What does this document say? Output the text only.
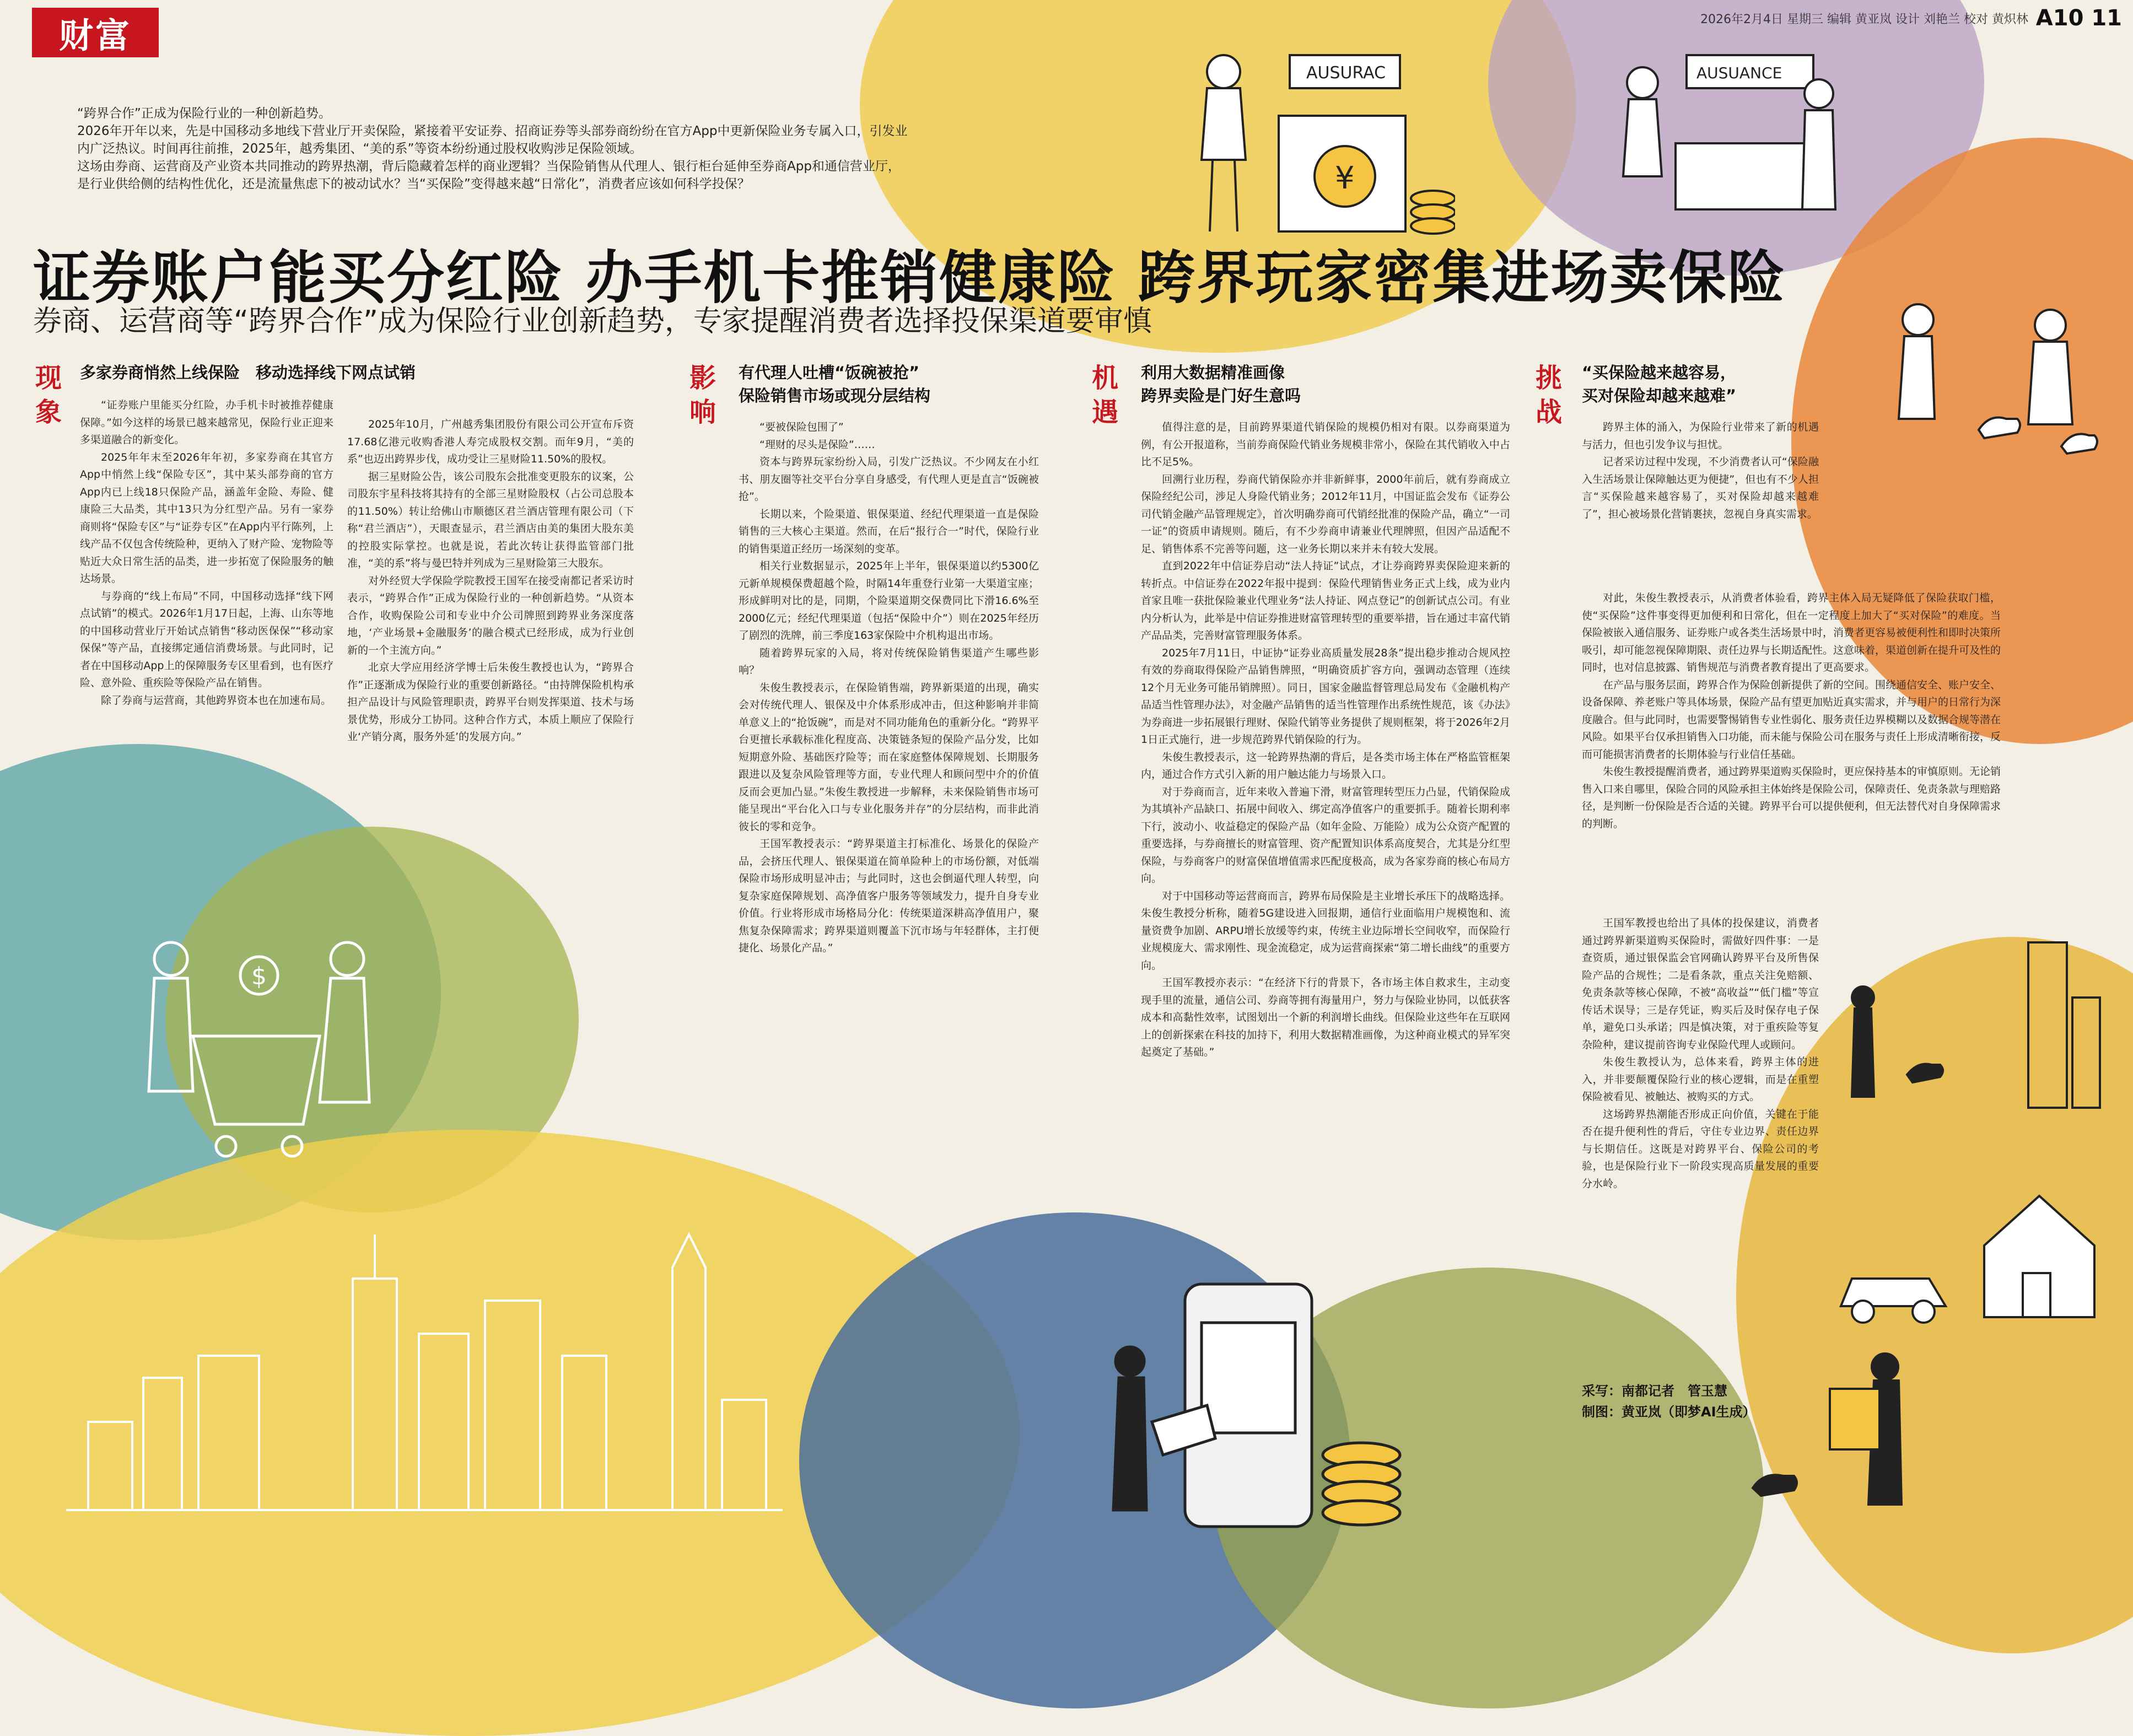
财富	2026年2月4日 星期三 编辑 黄亚岚 设计 刘艳兰 校对 黄炽林 A10 11

“跨界合作”正成为保险行业的一种创新趋势。

2026年开年以来，先是中国移动多地线下营业厅开卖保险，紧接着平安证券、招商证券等头部券商纷纷在官方App中更新保险业务专属入口，引发业内广泛热议。时间再往前推，2025年，越秀集团、“美的系”等资本纷纷通过股权收购涉足保险领域。

这场由券商、运营商及产业资本共同推动的跨界热潮，背后隐藏着怎样的商业逻辑？当保险销售从代理人、银行柜台延伸至券商App和通信营业厅，是行业供给侧的结构性优化，还是流量焦虑下的被动试水？当“买保险”变得越来越“日常化”，消费者应该如何科学投保？

证券账户能买分红险 办手机卡推销健康险 跨界玩家密集进场卖保险
券商、运营商等“跨界合作”成为保险行业创新趋势，专家提醒消费者选择投保渠道要审慎
现
象
多家券商悄然上线保险　移动选择线下网点试销

“证券账户里能买分红险，办手机卡时被推荐健康保障。”如今这样的场景已越来越常见，保险行业正迎来多渠道融合的新变化。

2025年年末至2026年年初，多家券商在其官方App中悄然上线“保险专区”，其中某头部券商的官方App内已上线18只保险产品，涵盖年金险、寿险、健康险三大品类，其中13只为分红型产品。另有一家券商则将“保险专区”与“证券专区”在App内平行陈列，上线产品不仅包含传统险种，更纳入了财产险、宠物险等贴近大众日常生活的品类，进一步拓宽了保险服务的触达场景。

与券商的“线上布局”不同，中国移动选择“线下网点试销”的模式。2026年1月17日起，上海、山东等地的中国移动营业厅开始试点销售“移动医保保”“移动家保保”等产品，直接绑定通信消费场景。与此同时，记者在中国移动App上的保障服务专区里看到，也有医疗险、意外险、重疾险等保险产品在销售。

除了券商与运营商，其他跨界资本也在加速布局。

2025年10月，广州越秀集团股份有限公司公开宣布斥资17.68亿港元收购香港人寿完成股权交割。而年9月，“美的系”也迈出跨界步伐，成功受让三星财险11.50%的股权。

据三星财险公告，该公司股东会批准变更股东的议案，公司股东宇星科技将其持有的全部三星财险股权（占公司总股本的11.50%）转让给佛山市顺德区君兰酒店管理有限公司（下称“君兰酒店”），天眼查显示，君兰酒店由美的集团大股东美的控股实际掌控。也就是说，若此次转让获得监管部门批准，“美的系”将与曼巴特并列成为三星财险第三大股东。

对外经贸大学保险学院教授王国军在接受南都记者采访时表示，“跨界合作”正成为保险行业的一种创新趋势。“从资本合作，收购保险公司和专业中介公司牌照到跨界业务深度落地，‘产业场景+金融服务’的融合模式已经形成，成为行业创新的一个主流方向。”

北京大学应用经济学博士后朱俊生教授也认为，“跨界合作”正逐渐成为保险行业的重要创新路径。“由持牌保险机构承担产品设计与风险管理职责，跨界平台则发挥渠道、技术与场景优势，形成分工协同。这种合作方式，本质上顺应了保险行业‘产销分离，服务外延’的发展方向。”

影
响
有代理人吐槽“饭碗被抢”
保险销售市场或现分层结构

“要被保险包围了”

“理财的尽头是保险”……

资本与跨界玩家纷纷入局，引发广泛热议。不少网友在小红书、朋友圈等社交平台分享自身感受，有代理人更是直言“饭碗被抢”。

长期以来，个险渠道、银保渠道、经纪代理渠道一直是保险销售的三大核心主渠道。然而，在后“报行合一”时代，保险行业的销售渠道正经历一场深刻的变革。

相关行业数据显示，2025年上半年，银保渠道以约5300亿元新单规模保费超越个险，时隔14年重登行业第一大渠道宝座；形成鲜明对比的是，同期，个险渠道期交保费同比下滑16.6%至2000亿元；经纪代理渠道（包括“保险中介”）则在2025年经历了剧烈的洗牌，前三季度163家保险中介机构退出市场。

随着跨界玩家的入局，将对传统保险销售渠道产生哪些影响？

朱俊生教授表示，在保险销售端，跨界新渠道的出现，确实会对传统代理人、银保及中介体系形成冲击，但这种影响并非简单意义上的“抢饭碗”，而是对不同功能角色的重新分化。“跨界平台更擅长承载标准化程度高、决策链条短的保险产品分发，比如短期意外险、基础医疗险等；而在家庭整体保障规划、长期服务跟进以及复杂风险管理等方面，专业代理人和顾问型中介的价值反而会更加凸显。”朱俊生教授进一步解释，未来保险销售市场可能呈现出“平台化入口与专业化服务并存”的分层结构，而非此消彼长的零和竞争。

王国军教授表示：“跨界渠道主打标准化、场景化的保险产品，会挤压代理人、银保渠道在简单险种上的市场份额，对低端保险市场形成明显冲击；与此同时，这也会倒逼代理人转型，向复杂家庭保障规划、高净值客户服务等领域发力，提升自身专业价值。行业将形成市场格局分化：传统渠道深耕高净值用户，聚焦复杂保障需求；跨界渠道则覆盖下沉市场与年轻群体，主打便捷化、场景化产品。”

机
遇
利用大数据精准画像
跨界卖险是门好生意吗

值得注意的是，目前跨界渠道代销保险的规模仍相对有限。以券商渠道为例，有公开报道称，当前券商保险代销业务规模非常小，保险在其代销收入中占比不足5%。

回溯行业历程，券商代销保险亦并非新鲜事，2000年前后，就有券商成立保险经纪公司，涉足人身险代销业务；2012年11月，中国证监会发布《证券公司代销金融产品管理规定》，首次明确券商可代销经批准的保险产品，确立“一司一证”的资质申请规则。随后，有不少券商申请兼业代理牌照，但因产品适配不足、销售体系不完善等问题，这一业务长期以来并未有较大发展。

直到2022年中信证券启动“法人持证”试点，才让券商跨界卖保险迎来新的转折点。中信证券在2022年报中提到：保险代理销售业务正式上线，成为业内首家且唯一获批保险兼业代理业务“法人持证、网点登记”的创新试点公司。有业内分析认为，此举是中信证券推进财富管理转型的重要举措，旨在通过丰富代销产品品类，完善财富管理服务体系。

2025年7月11日，中证协“证券业高质量发展28条”提出稳步推动合规风控有效的券商取得保险产品销售牌照，“明确资质扩容方向，强调动态管理（连续12个月无业务可能吊销牌照）。同日，国家金融监督管理总局发布《金融机构产品适当性管理办法》，对金融产品销售的适当性管理作出系统性规范，该《办法》为券商进一步拓展银行理财、保险代销等业务提供了规则框架，将于2026年2月1日正式施行，进一步规范跨界代销保险的行为。

朱俊生教授表示，这一轮跨界热潮的背后，是各类市场主体在严格监管框架内，通过合作方式引入新的用户触达能力与场景入口。

对于券商而言，近年来收入普遍下滑，财富管理转型压力凸显，代销保险成为其填补产品缺口、拓展中间收入、绑定高净值客户的重要抓手。随着长期利率下行，波动小、收益稳定的保险产品（如年金险、万能险）成为公众资产配置的重要选择，与券商擅长的财富管理、资产配置知识体系高度契合，尤其是分红型保险，与券商客户的财富保值增值需求匹配度极高，成为各家券商的核心布局方向。

对于中国移动等运营商而言，跨界布局保险是主业增长承压下的战略选择。朱俊生教授分析称，随着5G建设进入回报期，通信行业面临用户规模饱和、流量资费争加剧、ARPU增长放缓等约束，传统主业边际增长空间收窄，而保险行业规模庞大、需求刚性、现金流稳定，成为运营商探索“第二增长曲线”的重要方向。

王国军教授亦表示：“在经济下行的背景下，各市场主体自救求生，主动变现手里的流量，通信公司、券商等拥有海量用户，努力与保险业协同，以低获客成本和高黏性效率，试图划出一个新的利润增长曲线。但保险业这些年在互联网上的创新探索在科技的加持下，利用大数据精准画像，为这种商业模式的异军突起奠定了基础。”

挑
战
“买保险越来越容易，
买对保险却越来越难”

跨界主体的涌入，为保险行业带来了新的机遇与活力，但也引发争议与担忧。

记者采访过程中发现，不少消费者认可“保险融入生活场景让保障触达更为便捷”，但也有不少人担言“买保险越来越容易了，买对保险却越来越难了”，担心被场景化营销裹挟，忽视自身真实需求。

对此，朱俊生教授表示，从消费者体验看，跨界主体入局无疑降低了保险获取门槛，使“买保险”这件事变得更加便利和日常化，但在一定程度上加大了“买对保险”的难度。当保险被嵌入通信服务、证券账户或各类生活场景中时，消费者更容易被便利性和即时决策所吸引，却可能忽视保障期限、责任边界与长期适配性。这意味着，渠道创新在提升可及性的同时，也对信息披露、销售规范与消费者教育提出了更高要求。

在产品与服务层面，跨界合作为保险创新提供了新的空间。围绕通信安全、账户安全、设备保障、养老账户等具体场景，保险产品有望更加贴近真实需求，并与用户的日常行为深度融合。但与此同时，也需要警惕销售专业性弱化、服务责任边界模糊以及数据合规等潜在风险。如果平台仅承担销售入口功能，而未能与保险公司在服务与责任上形成清晰衔接，反而可能损害消费者的长期体验与行业信任基础。

朱俊生教授提醒消费者，通过跨界渠道购买保险时，更应保持基本的审慎原则。无论销售入口来自哪里，保险合同的风险承担主体始终是保险公司，保障责任、免责条款与理赔路径，是判断一份保险是否合适的关键。跨界平台可以提供便利，但无法替代对自身保障需求的判断。

王国军教授也给出了具体的投保建议，消费者通过跨界新渠道购买保险时，需做好四件事：一是查资质，通过银保监会官网确认跨界平台及所售保险产品的合规性；二是看条款，重点关注免赔额、免责条款等核心保障，不被“高收益”“低门槛”等宣传话术误导；三是存凭证，购买后及时保存电子保单，避免口头承诺；四是慎决策，对于重疾险等复杂险种，建议提前咨询专业保险代理人或顾问。

朱俊生教授认为，总体来看，跨界主体的进入，并非要颠覆保险行业的核心逻辑，而是在重塑保险被看见、被触达、被购买的方式。

这场跨界热潮能否形成正向价值，关键在于能否在提升便利性的背后，守住专业边界、责任边界与长期信任。这既是对跨界平台、保险公司的考验，也是保险行业下一阶段实现高质量发展的重要分水岭。

采写：南都记者　管玉慧
制图：黄亚岚（即梦AI生成）
AUSURAC
¥
AUSUANCE
$
